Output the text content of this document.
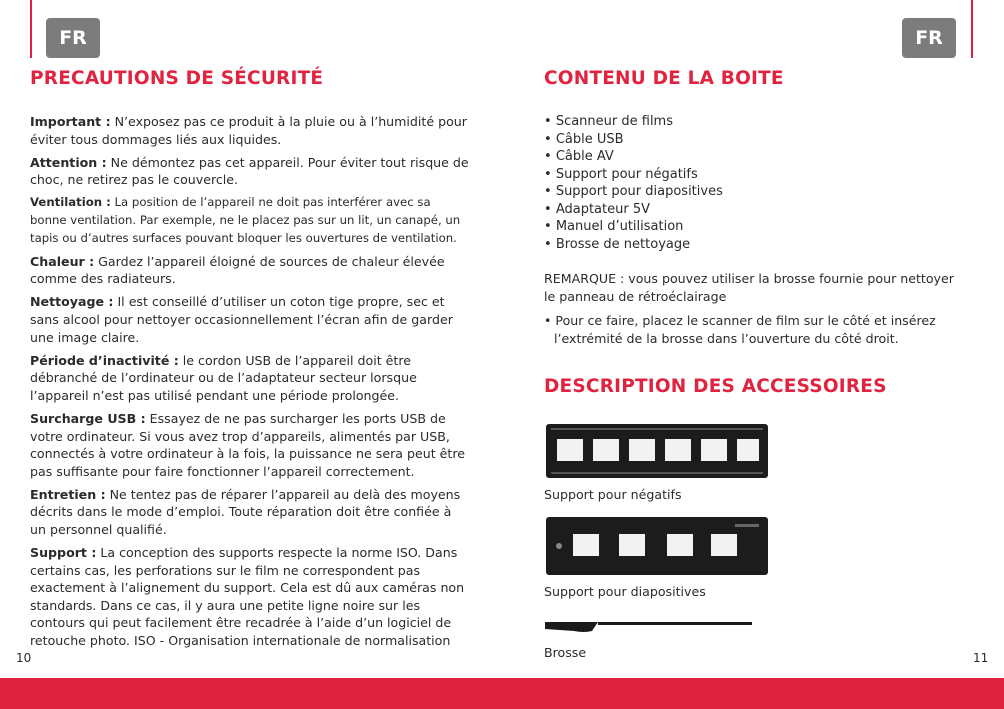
FR	FR
PRECAUTIONS DE SÉCURITÉ

Important : N’exposez pas ce produit à la pluie ou à l’humidité pour éviter tous dommages liés aux liquides.

Attention : Ne démontez pas cet appareil. Pour éviter tout risque de choc, ne retirez pas le couvercle.

Ventilation : La position de l’appareil ne doit pas interférer avec sa bonne ventilation. Par exemple, ne le placez pas sur un lit, un canapé, un tapis ou d’autres surfaces pouvant bloquer les ouvertures de ventilation.

Chaleur : Gardez l’appareil éloigné de sources de chaleur élevée comme des radiateurs.

Nettoyage : Il est conseillé d’utiliser un coton tige propre, sec et sans alcool pour nettoyer occasionnellement l’écran afin de garder une image claire.

Période d’inactivité : le cordon USB de l’appareil doit être débranché de l’ordinateur ou de l’adaptateur secteur lorsque l’appareil n’est pas utilisé pendant une période prolongée.

Surcharge USB : Essayez de ne pas surcharger les ports USB de votre ordinateur. Si vous avez trop d’appareils, alimentés par USB, connectés à votre ordinateur à la fois, la puissance ne sera peut être pas suffisante pour faire fonctionner l’appareil correctement.

Entretien : Ne tentez pas de réparer l’appareil au delà des moyens décrits dans le mode d’emploi. Toute réparation doit être confiée à un personnel qualifié.

Support : La conception des supports respecte la norme ISO. Dans certains cas, les perforations sur le film ne correspondent pas exactement à l’alignement du support. Cela est dû aux caméras non standards. Dans ce cas, il y aura une petite ligne noire sur les contours qui peut facilement être recadrée à l’aide d’un logiciel de retouche photo. ISO - Organisation internationale de normalisation

10
CONTENU DE LA BOITE
• Scanneur de films
• Câble USB
• Câble AV
• Support pour négatifs
• Support pour diapositives
• Adaptateur 5V
• Manuel d’utilisation
• Brosse de nettoyage
REMARQUE : vous pouvez utiliser la brosse fournie pour nettoyer le panneau de rétroéclairage
• Pour ce faire, placez le scanner de film sur le côté et insérez l’extrémité de la brosse dans l’ouverture du côté droit.
DESCRIPTION DES ACCESSOIRES
Support pour négatifs
Support pour diapositives
Brosse	11
